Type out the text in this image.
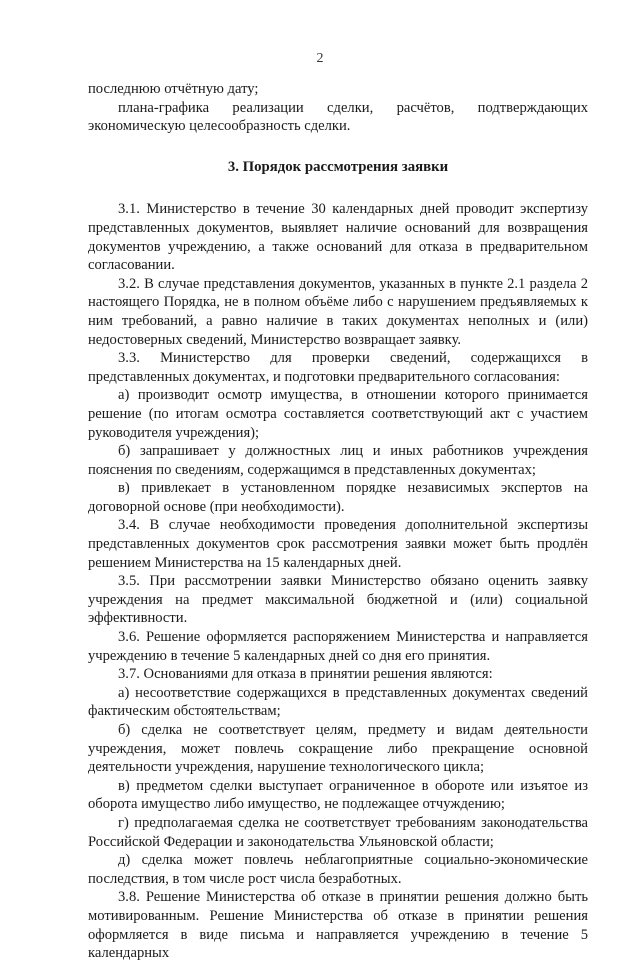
2

последнюю отчётную дату;

плана-графика реализации сделки, расчётов, подтверждающих экономическую целесообразность сделки.

3. Порядок рассмотрения заявки

3.1. Министерство в течение 30 календарных дней проводит экспертизу представленных документов, выявляет наличие оснований для возвращения документов учреждению, а также оснований для отказа в предварительном согласовании.

3.2. В случае представления документов, указанных в пункте 2.1 раздела 2 настоящего Порядка, не в полном объёме либо с нарушением предъявляемых к ним требований, а равно наличие в таких документах неполных и (или) недостоверных сведений, Министерство возвращает заявку.

3.3. Министерство для проверки сведений, содержащихся в представленных документах, и подготовки предварительного согласования:

а) производит осмотр имущества, в отношении которого принимается решение (по итогам осмотра составляется соответствующий акт с участием руководителя учреждения);

б) запрашивает у должностных лиц и иных работников учреждения пояснения по сведениям, содержащимся в представленных документах;

в) привлекает в установленном порядке независимых экспертов на договорной основе (при необходимости).

3.4. В случае необходимости проведения дополнительной экспертизы представленных документов срок рассмотрения заявки может быть продлён решением Министерства на 15 календарных дней.

3.5. При рассмотрении заявки Министерство обязано оценить заявку учреждения на предмет максимальной бюджетной и (или) социальной эффективности.

3.6. Решение оформляется распоряжением Министерства и направляется учреждению в течение 5 календарных дней со дня его принятия.

3.7. Основаниями для отказа в принятии решения являются:

а) несоответствие содержащихся в представленных документах сведений фактическим обстоятельствам;

б) сделка не соответствует целям, предмету и видам деятельности учреждения, может повлечь сокращение либо прекращение основной деятельности учреждения, нарушение технологического цикла;

в) предметом сделки выступает ограниченное в обороте или изъятое из оборота имущество либо имущество, не подлежащее отчуждению;

г) предполагаемая сделка не соответствует требованиям законодательства Российской Федерации и законодательства Ульяновской области;

д) сделка может повлечь неблагоприятные социально-экономические последствия, в том числе рост числа безработных.

3.8. Решение Министерства об отказе в принятии решения должно быть мотивированным. Решение Министерства об отказе в принятии решения оформляется в виде письма и направляется учреждению в течение 5 календарных
